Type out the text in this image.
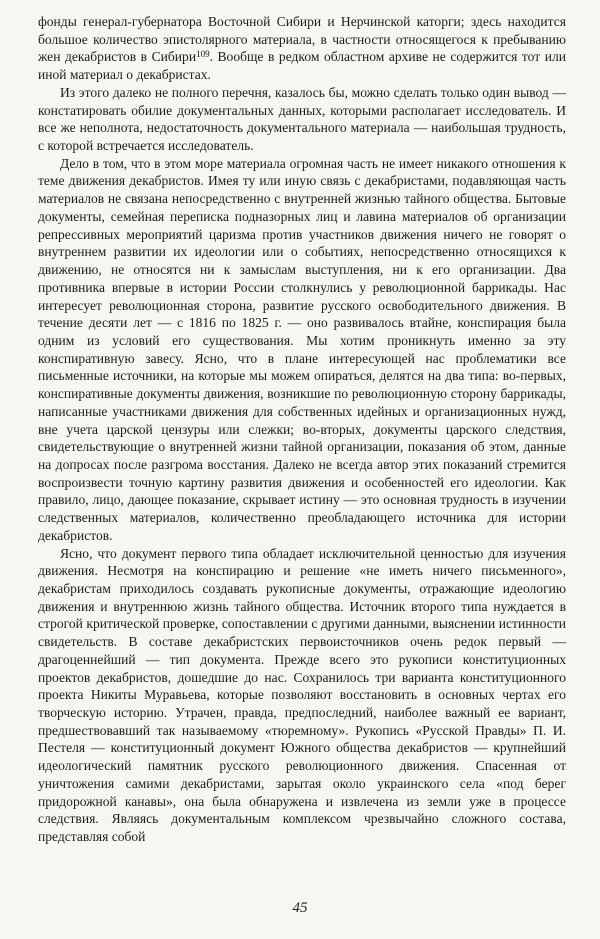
фонды генерал-губернатора Восточной Сибири и Нерчинской каторги; здесь находится большое количество эпистолярного материала, в частности относящегося к пребыванию жен декабристов в Сибири$^{109}$. Вообще в редком областном архиве не содержится тот или иной материал о декабристах.

Из этого далеко не полного перечня, казалось бы, можно сделать только один вывод — констатировать обилие документальных данных, которыми располагает исследователь. И все же неполнота, недостаточность документального материала — наибольшая трудность, с которой встречается исследователь.

Дело в том, что в этом море материала огромная часть не имеет никакого отношения к теме движения декабристов. Имея ту или иную связь с декабристами, подавляющая часть материалов не связана непосредственно с внутренней жизнью тайного общества. Бытовые документы, семейная переписка подназорных лиц и лавина материалов об организации репрессивных мероприятий царизма против участников движения ничего не говорят о внутреннем развитии их идеологии или о событиях, непосредственно относящихся к движению, не относятся ни к замыслам выступления, ни к его организации. Два противника впервые в истории России столкнулись у революционной баррикады. Нас интересует революционная сторона, развитие русского освободительного движения. В течение десяти лет — с 1816 по 1825 г. — оно развивалось втайне, конспирация была одним из условий его существования. Мы хотим проникнуть именно за эту конспиративную завесу. Ясно, что в плане интересующей нас проблематики все письменные источники, на которые мы можем опираться, делятся на два типа: во-первых, конспиративные документы движения, возникшие по революционную сторону баррикады, написанные участниками движения для собственных идейных и организационных нужд, вне учета царской цензуры или слежки; во-вторых, документы царского следствия, свидетельствующие о внутренней жизни тайной организации, показания об этом, данные на допросах после разгрома восстания. Далеко не всегда автор этих показаний стремится воспроизвести точную картину развития движения и особенностей его идеологии. Как правило, лицо, дающее показание, скрывает истину — это основная трудность в изучении следственных материалов, количественно преобладающего источника для истории декабристов.

Ясно, что документ первого типа обладает исключительной ценностью для изучения движения. Несмотря на конспирацию и решение «не иметь ничего письменного», декабристам приходилось создавать рукописные документы, отражающие идеологию движения и внутреннюю жизнь тайного общества. Источник второго типа нуждается в строгой критической проверке, сопоставлении с другими данными, выяснении истинности свидетельств. В составе декабристских первоисточников очень редок первый — драгоценнейший — тип документа. Прежде всего это рукописи конституционных проектов декабристов, дошедшие до нас. Сохранилось три варианта конституционного проекта Никиты Муравьева, которые позволяют восстановить в основных чертах его творческую историю. Утрачен, правда, предпоследний, наиболее важный ее вариант, предшествовавший так называемому «тюремному». Рукопись «Русской Правды» П. И. Пестеля — конституционный документ Южного общества декабристов — крупнейший идеологический памятник русского революционного движения. Спасенная от уничтожения самими декабристами, зарытая около украинского села «под берег придорожной канавы», она была обнаружена и извлечена из земли уже в процессе следствия. Являясь документальным комплексом чрезвычайно сложного состава, представляя собой

45
